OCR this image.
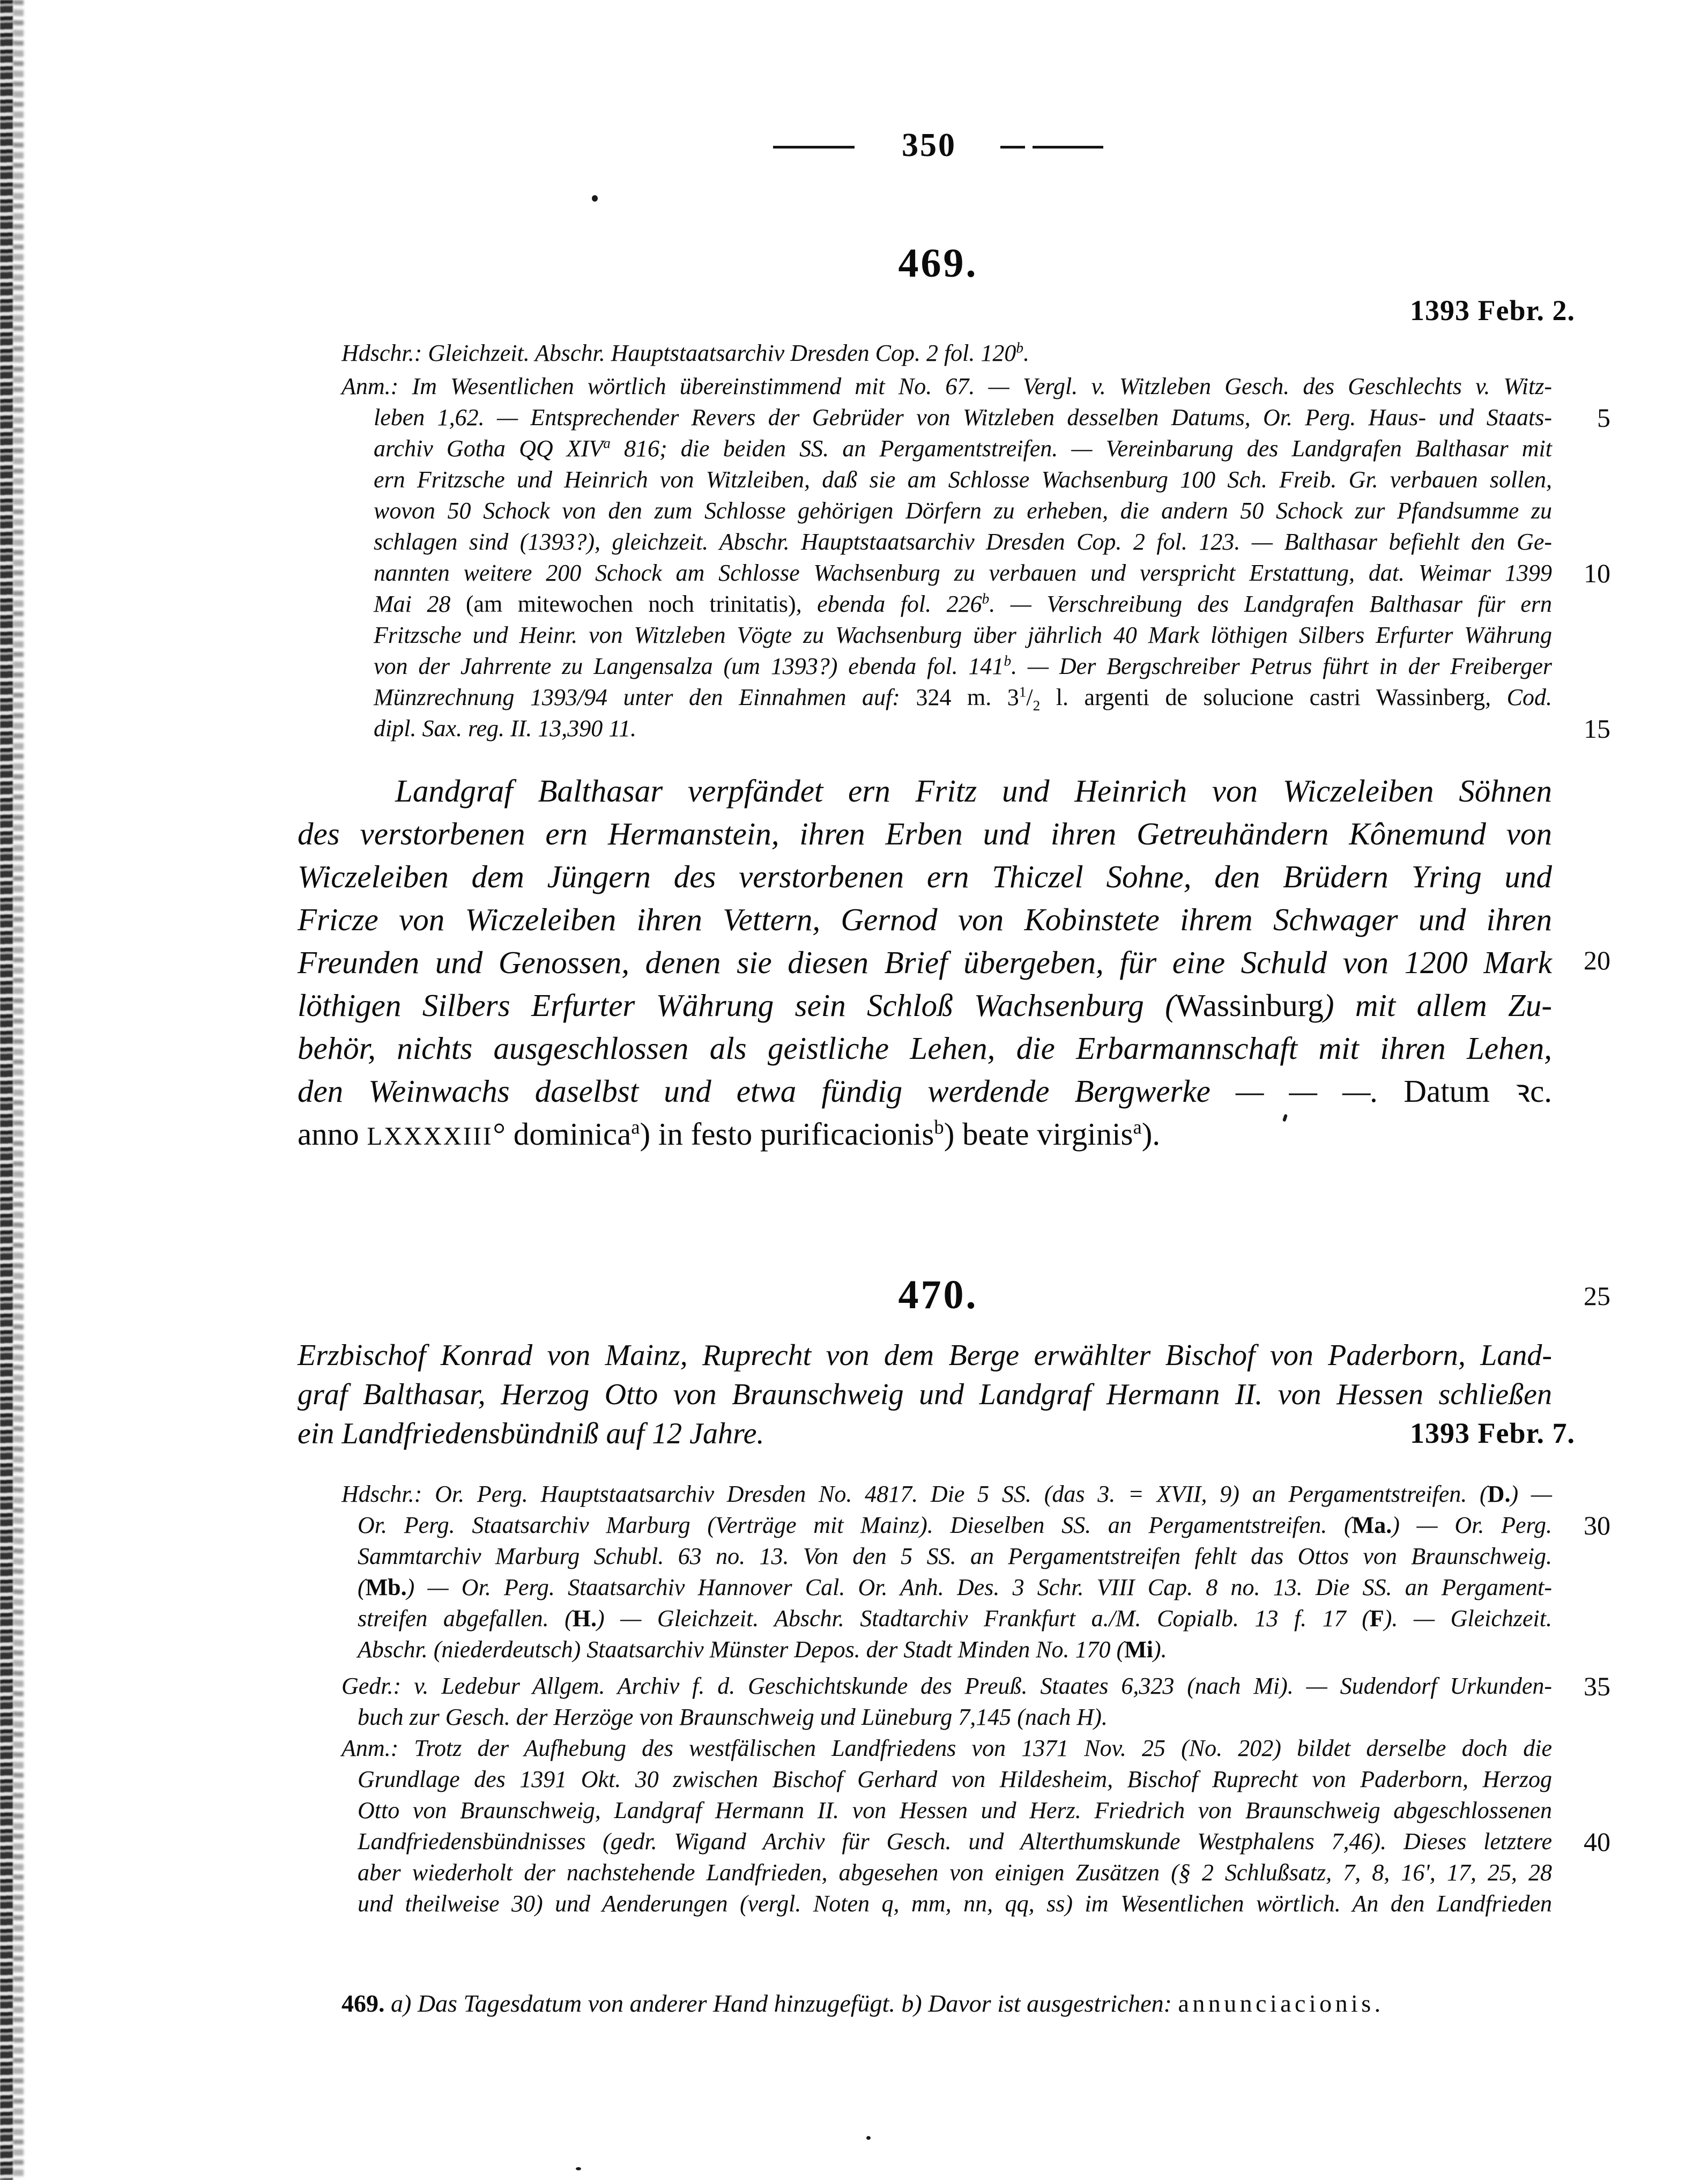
350
469.
1393 Febr. 2.
Hdschr.: Gleichzeit. Abschr. Hauptstaatsarchiv Dresden Cop. 2 fol. 120$^b$.
Anm.: Im Wesentlichen wörtlich übereinstimmend mit No. 67. — Vergl. v. Witzleben Gesch. des Geschlechts v. Witz-
leben 1,62. — Entsprechender Revers der Gebrüder von Witzleben desselben Datums, Or. Perg. Haus- und Staats-
archiv Gotha QQ XIV$^a$ 816; die beiden SS. an Pergamentstreifen. — Vereinbarung des Landgrafen Balthasar mit
ern Fritzsche und Heinrich von Witzleiben, daß sie am Schlosse Wachsenburg 100 Sch. Freib. Gr. verbauen sollen,
wovon 50 Schock von den zum Schlosse gehörigen Dörfern zu erheben, die andern 50 Schock zur Pfandsumme zu
schlagen sind (1393?), gleichzeit. Abschr. Hauptstaatsarchiv Dresden Cop. 2 fol. 123. — Balthasar befiehlt den Ge-
nannten weitere 200 Schock am Schlosse Wachsenburg zu verbauen und verspricht Erstattung, dat. Weimar 1399
Mai 28 (am mitewochen noch trinitatis), ebenda fol. 226$^b$. — Verschreibung des Landgrafen Balthasar für ern
Fritzsche und Heinr. von Witzleben Vögte zu Wachsenburg über jährlich 40 Mark löthigen Silbers Erfurter Währung
von der Jahrrente zu Langensalza (um 1393?) ebenda fol. 141$^b$. — Der Bergschreiber Petrus führt in der Freiberger
Münzrechnung 1393/94 unter den Einnahmen auf: 324 m. $3^1/_2$ l. argenti de solucione castri Wassinberg, Cod.
dipl. Sax. reg. II. 13,390 11.
Landgraf Balthasar verpfändet ern Fritz und Heinrich von Wiczeleiben Söhnen
des verstorbenen ern Hermanstein, ihren Erben und ihren Getreuhändern Kônemund von
Wiczeleiben dem Jüngern des verstorbenen ern Thiczel Sohne, den Brüdern Yring und
Fricze von Wiczeleiben ihren Vettern, Gernod von Kobinstete ihrem Schwager und ihren
Freunden und Genossen, denen sie diesen Brief übergeben, für eine Schuld von 1200 Mark
löthigen Silbers Erfurter Währung sein Schloß Wachsenburg (Wassinburg) mit allem Zu-
behör, nichts ausgeschlossen als geistliche Lehen, die Erbarmannschaft mit ihren Lehen,
den Weinwachs daselbst und etwa fündig werdende Bergwerke — — —. Datum ꝛc.
anno LXXXXIII° dominica$^a$) in festo purificacionis$^b$) beate virginis$^a$).
470.
Erzbischof Konrad von Mainz, Ruprecht von dem Berge erwählter Bischof von Paderborn, Land-
graf Balthasar, Herzog Otto von Braunschweig und Landgraf Hermann II. von Hessen schließen
ein Landfriedensbündniß auf 12 Jahre.	1393 Febr. 7.
Hdschr.: Or. Perg. Hauptstaatsarchiv Dresden No. 4817. Die 5 SS. (das 3. = XVII, 9) an Pergamentstreifen. (D.) —
Or. Perg. Staatsarchiv Marburg (Verträge mit Mainz). Dieselben SS. an Pergamentstreifen. (Ma.) — Or. Perg.
Sammtarchiv Marburg Schubl. 63 no. 13. Von den 5 SS. an Pergamentstreifen fehlt das Ottos von Braunschweig.
(Mb.) — Or. Perg. Staatsarchiv Hannover Cal. Or. Anh. Des. 3 Schr. VIII Cap. 8 no. 13. Die SS. an Pergament-
streifen abgefallen. (H.) — Gleichzeit. Abschr. Stadtarchiv Frankfurt a./M. Copialb. 13 f. 17 (F). — Gleichzeit.
Abschr. (niederdeutsch) Staatsarchiv Münster Depos. der Stadt Minden No. 170 (Mi).
Gedr.: v. Ledebur Allgem. Archiv f. d. Geschichtskunde des Preuß. Staates 6,323 (nach Mi). — Sudendorf Urkunden-
buch zur Gesch. der Herzöge von Braunschweig und Lüneburg 7,145 (nach H).
Anm.: Trotz der Aufhebung des westfälischen Landfriedens von 1371 Nov. 25 (No. 202) bildet derselbe doch die
Grundlage des 1391 Okt. 30 zwischen Bischof Gerhard von Hildesheim, Bischof Ruprecht von Paderborn, Herzog
Otto von Braunschweig, Landgraf Hermann II. von Hessen und Herz. Friedrich von Braunschweig abgeschlossenen
Landfriedensbündnisses (gedr. Wigand Archiv für Gesch. und Alterthumskunde Westphalens 7,46). Dieses letztere
aber wiederholt der nachstehende Landfrieden, abgesehen von einigen Zusätzen (§ 2 Schlußsatz, 7, 8, 16', 17, 25, 28
und theilweise 30) und Aenderungen (vergl. Noten q, mm, nn, qq, ss) im Wesentlichen wörtlich. An den Landfrieden
469. a) Das Tagesdatum von anderer Hand hinzugefügt. b) Davor ist ausgestrichen: annunciacionis.
5
10
15
20
25
30
35
40
